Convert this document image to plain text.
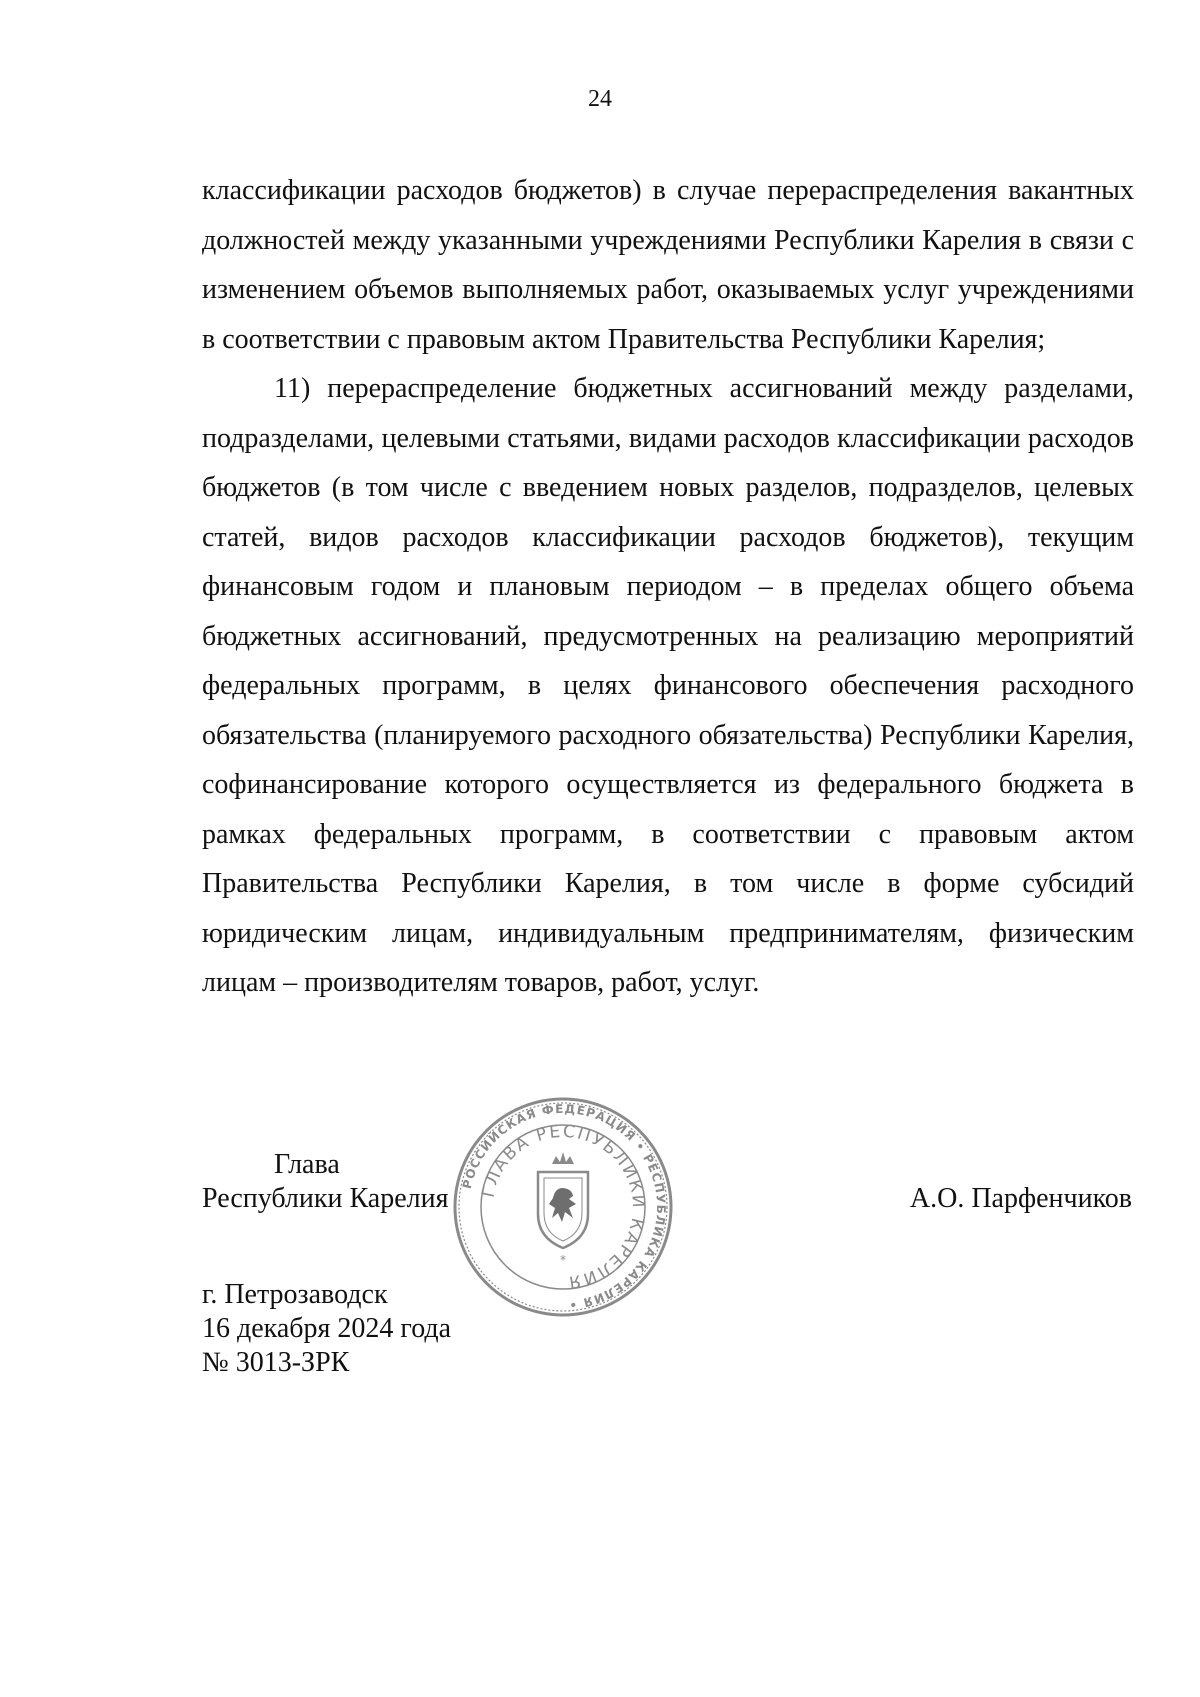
24

классификации расходов бюджетов) в случае перераспределения вакантных должностей между указанными учреждениями Республики Карелия в связи с изменением объемов выполняемых работ, оказываемых услуг учреждениями в соответствии с правовым актом Правительства Республики Карелия;

11) перераспределение бюджетных ассигнований между разделами, подразделами, целевыми статьями, видами расходов классификации расходов бюджетов (в том числе с введением новых разделов, подразделов, целевых статей, видов расходов классификации расходов бюджетов), текущим финансовым годом и плановым периодом – в пределах общего объема бюджетных ассигнований, предусмотренных на реализацию мероприятий федеральных программ, в целях финансового обеспечения расходного обязательства (планируемого расходного обязательства) Республики Карелия, софинансирование которого осуществляется из федерального бюджета в рамках федеральных программ, в соответствии с правовым актом Правительства Республики Карелия, в том числе в форме субсидий юридическим лицам, индивидуальным предпринимателям, физическим лицам – производителям товаров, работ, услуг.

Глава
Республики Карелия	А.О. Парфенчиков
РОССИЙСКАЯ ФЕДЕРАЦИЯ • РЕСПУБЛИКА КАРЕЛИЯ •
ГЛАВА РЕСПУБЛИКИ КАРЕЛИЯ
*
г. Петрозаводск
16 декабря 2024 года
№ 3013-ЗРК
